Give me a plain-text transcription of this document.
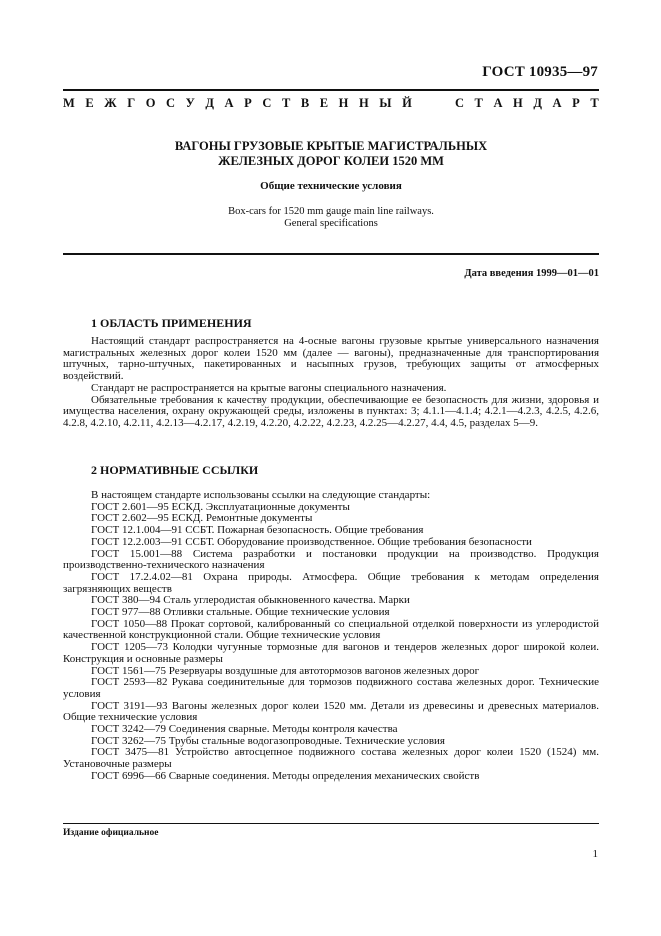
ГОСТ 10935—97
М Е Ж Г О С У Д А Р С Т В Е Н Н Ы Й	С Т А Н Д А Р Т
ВАГОНЫ ГРУЗОВЫЕ КРЫТЫЕ МАГИСТРАЛЬНЫХ
ЖЕЛЕЗНЫХ ДОРОГ КОЛЕИ 1520 ММ
Общие технические условия
Box-cars for 1520 mm gauge main line railways.
General specifications
Дата введения 1999—01—01
1 ОБЛАСТЬ ПРИМЕНЕНИЯ

Настоящий стандарт распространяется на 4-осные вагоны грузовые крытые универсального назначения магистральных железных дорог колеи 1520 мм (далее — вагоны), предназначенные для транспортирования штучных, тарно-штучных, пакетированных и насыпных грузов, требующих защиты от атмосферных воздействий.

Стандарт не распространяется на крытые вагоны специального назначения.

Обязательные требования к качеству продукции, обеспечивающие ее безопасность для жизни, здоровья и имущества населения, охрану окружающей среды, изложены в пунктах: 3; 4.1.1—4.1.4; 4.2.1—4.2.3, 4.2.5, 4.2.6, 4.2.8, 4.2.10, 4.2.11, 4.2.13—4.2.17, 4.2.19, 4.2.20, 4.2.22, 4.2.23, 4.2.25—4.2.27, 4.4, 4.5, разделах 5—9.

2 НОРМАТИВНЫЕ ССЫЛКИ

В настоящем стандарте использованы ссылки на следующие стандарты:

ГОСТ 2.601—95 ЕСКД. Эксплуатационные документы

ГОСТ 2.602—95 ЕСКД. Ремонтные документы

ГОСТ 12.1.004—91 ССБТ. Пожарная безопасность. Общие требования

ГОСТ 12.2.003—91 ССБТ. Оборудование производственное. Общие требования безопасности

ГОСТ 15.001—88 Система разработки и постановки продукции на производство. Продукция производственно-технического назначения

ГОСТ 17.2.4.02—81 Охрана природы. Атмосфера. Общие требования к методам определения загрязняющих веществ

ГОСТ 380—94 Сталь углеродистая обыкновенного качества. Марки

ГОСТ 977—88 Отливки стальные. Общие технические условия

ГОСТ 1050—88 Прокат сортовой, калиброванный со специальной отделкой поверхности из углеродистой качественной конструкционной стали. Общие технические условия

ГОСТ 1205—73 Колодки чугунные тормозные для вагонов и тендеров железных дорог широкой колеи. Конструкция и основные размеры

ГОСТ 1561—75 Резервуары воздушные для автотормозов вагонов железных дорог

ГОСТ 2593—82 Рукава соединительные для тормозов подвижного состава железных дорог. Технические условия

ГОСТ 3191—93 Вагоны железных дорог колеи 1520 мм. Детали из древесины и древесных материалов. Общие технические условия

ГОСТ 3242—79 Соединения сварные. Методы контроля качества

ГОСТ 3262—75 Трубы стальные водогазопроводные. Технические условия

ГОСТ 3475—81 Устройство автосцепное подвижного состава железных дорог колеи 1520 (1524) мм. Установочные размеры

ГОСТ 6996—66 Сварные соединения. Методы определения механических свойств

Издание официальное
1
